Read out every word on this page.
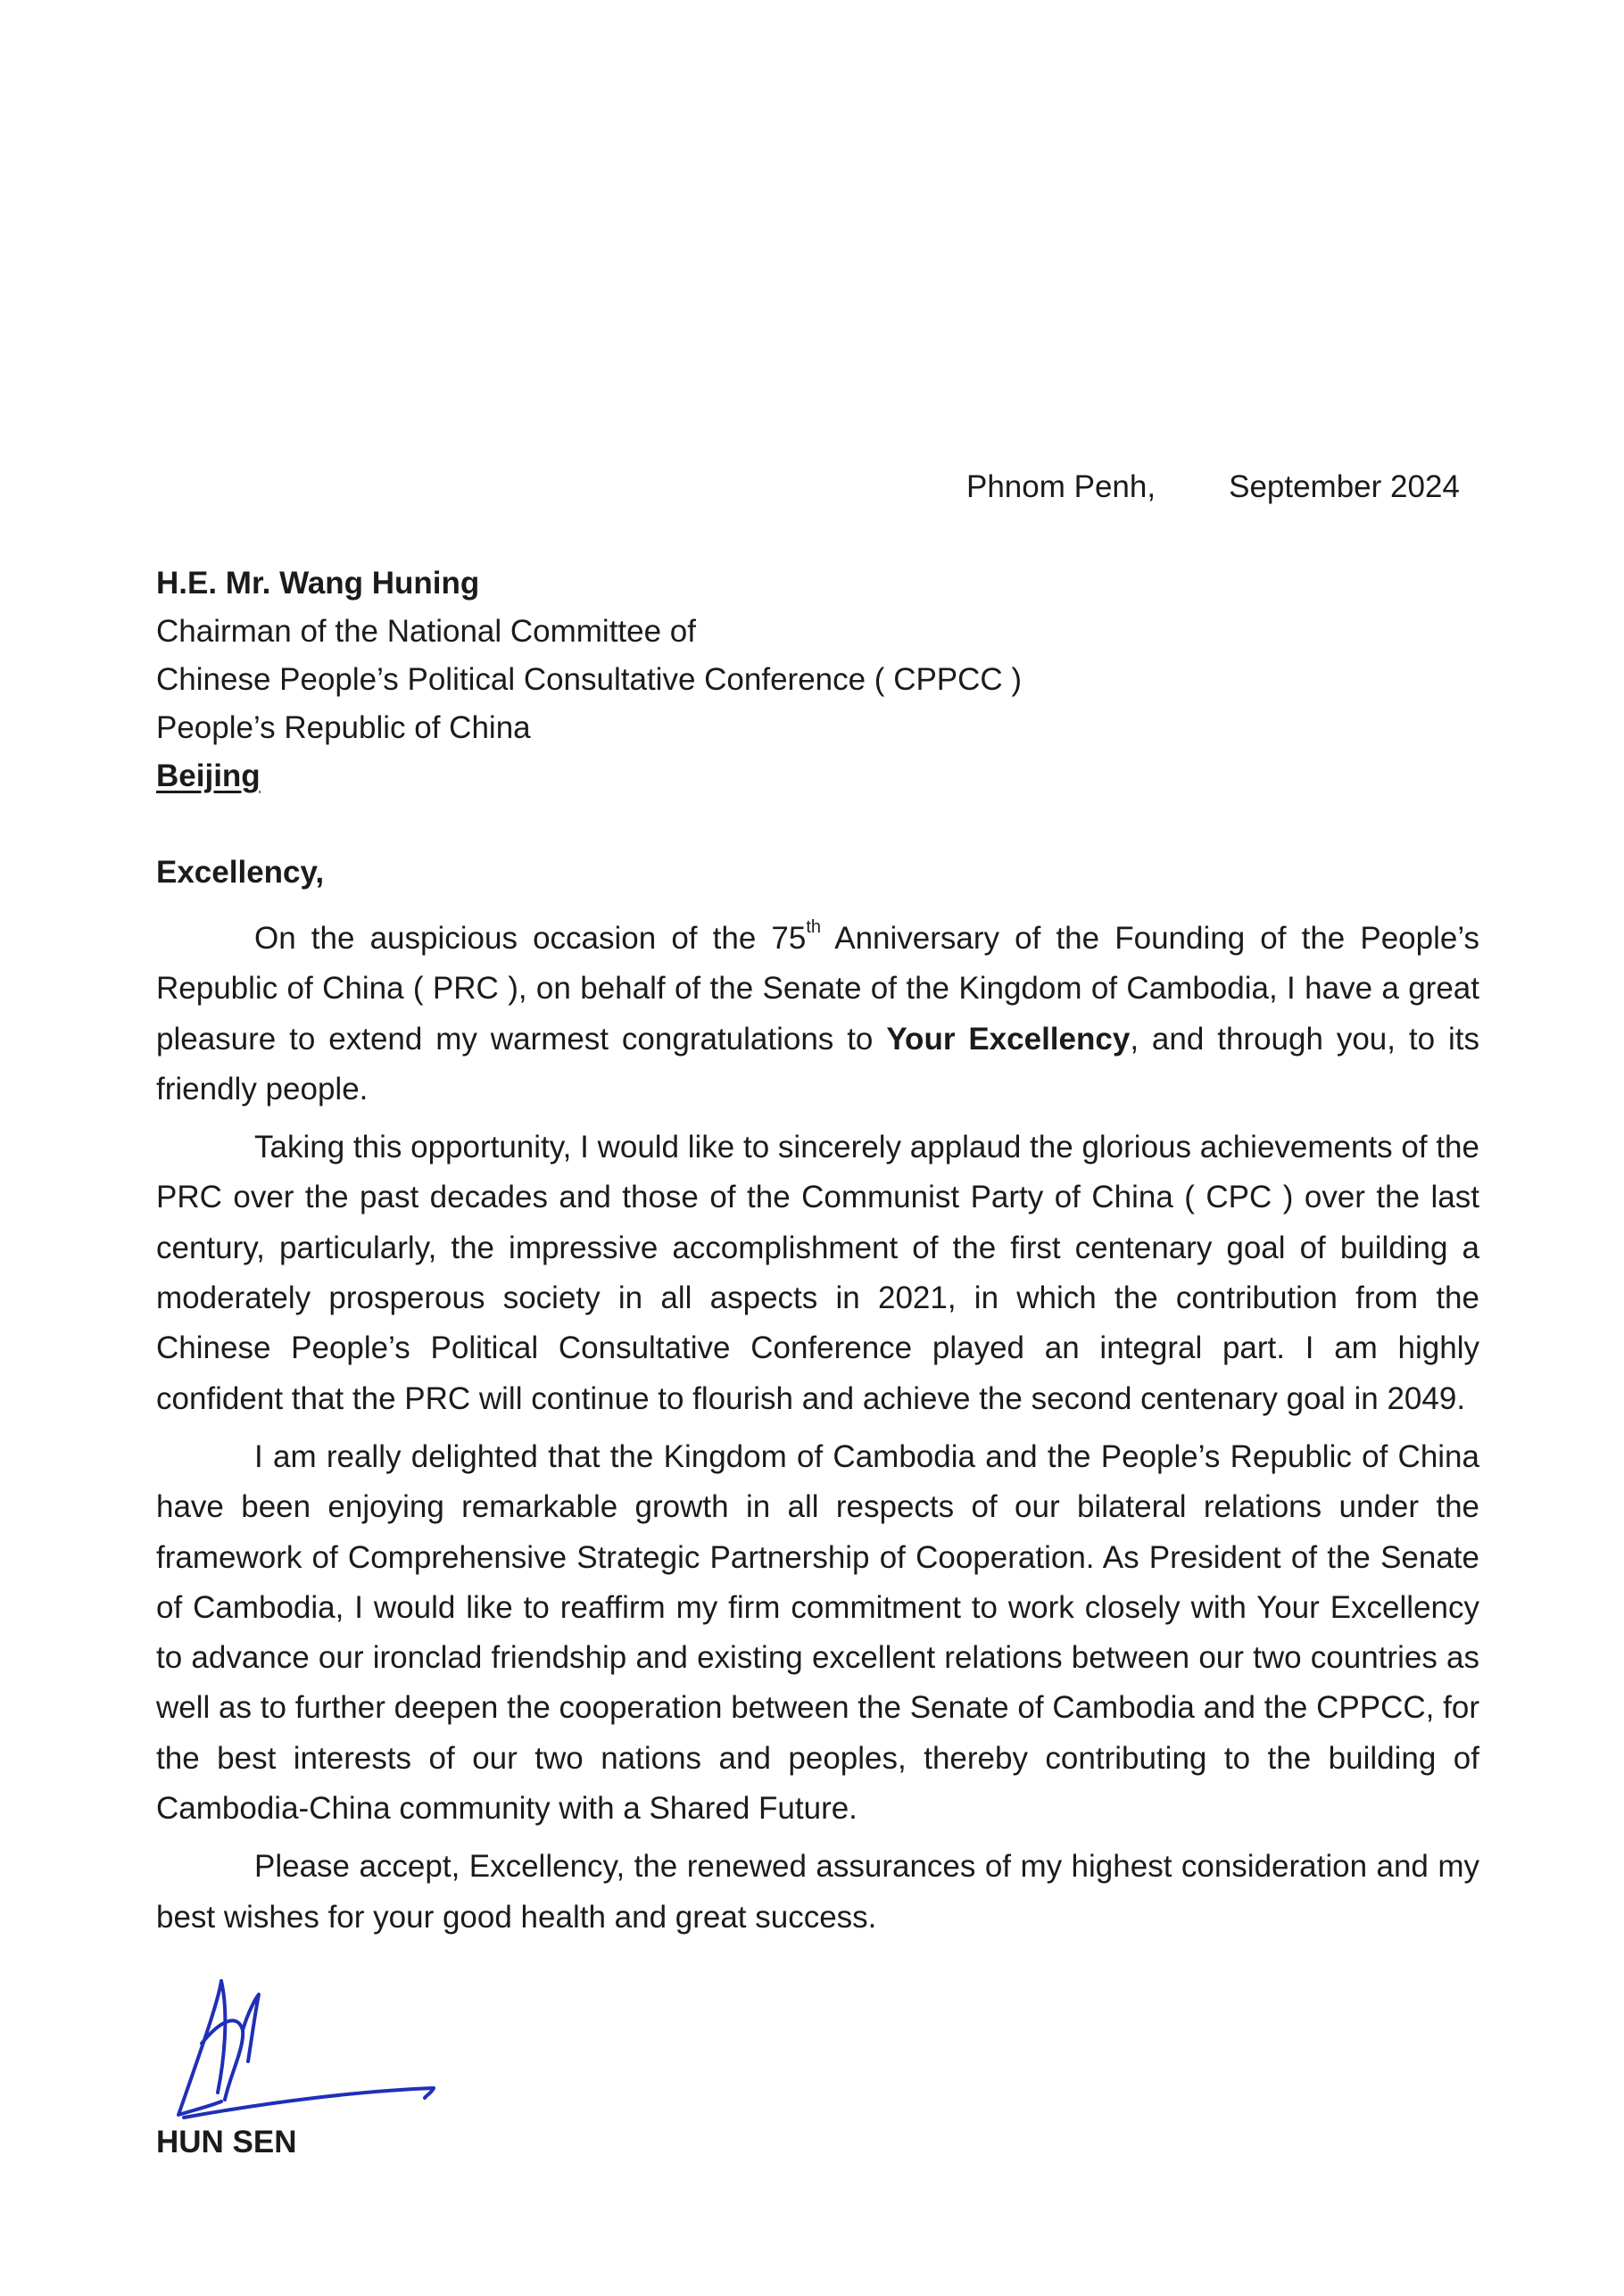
Phnom Penh, September 2024
H.E. Mr. Wang Huning
Chairman of the National Committee of
Chinese People’s Political Consultative Conference ( CPPCC )
People’s Republic of China
Beijing
Excellency,

On the auspicious occasion of the 75th Anniversary of the Founding of the People’s Republic of China ( PRC ), on behalf of the Senate of the Kingdom of Cambodia, I have a great pleasure to extend my warmest congratulations to Your Excellency, and through you, to its friendly people.

Taking this opportunity, I would like to sincerely applaud the glorious achievements of the PRC over the past decades and those of the Communist Party of China ( CPC ) over the last century, particularly, the impressive accomplishment of the first centenary goal of building a moderately prosperous society in all aspects in 2021, in which the contribution from the Chinese People’s Political Consultative Conference played an integral part. I am highly confident that the PRC will continue to flourish and achieve the second centenary goal in 2049.

I am really delighted that the Kingdom of Cambodia and the People’s Republic of China have been enjoying remarkable growth in all respects of our bilateral relations under the framework of Comprehensive Strategic Partnership of Cooperation. As President of the Senate of Cambodia, I would like to reaffirm my firm commitment to work closely with Your Excellency to advance our ironclad friendship and existing excellent relations between our two countries as well as to further deepen the cooperation between the Senate of Cambodia and the CPPCC, for the best interests of our two nations and peoples, thereby contributing to the building of Cambodia-China community with a Shared Future.

Please accept, Excellency, the renewed assurances of my highest consideration and my best wishes for your good health and great success.

HUN SEN
